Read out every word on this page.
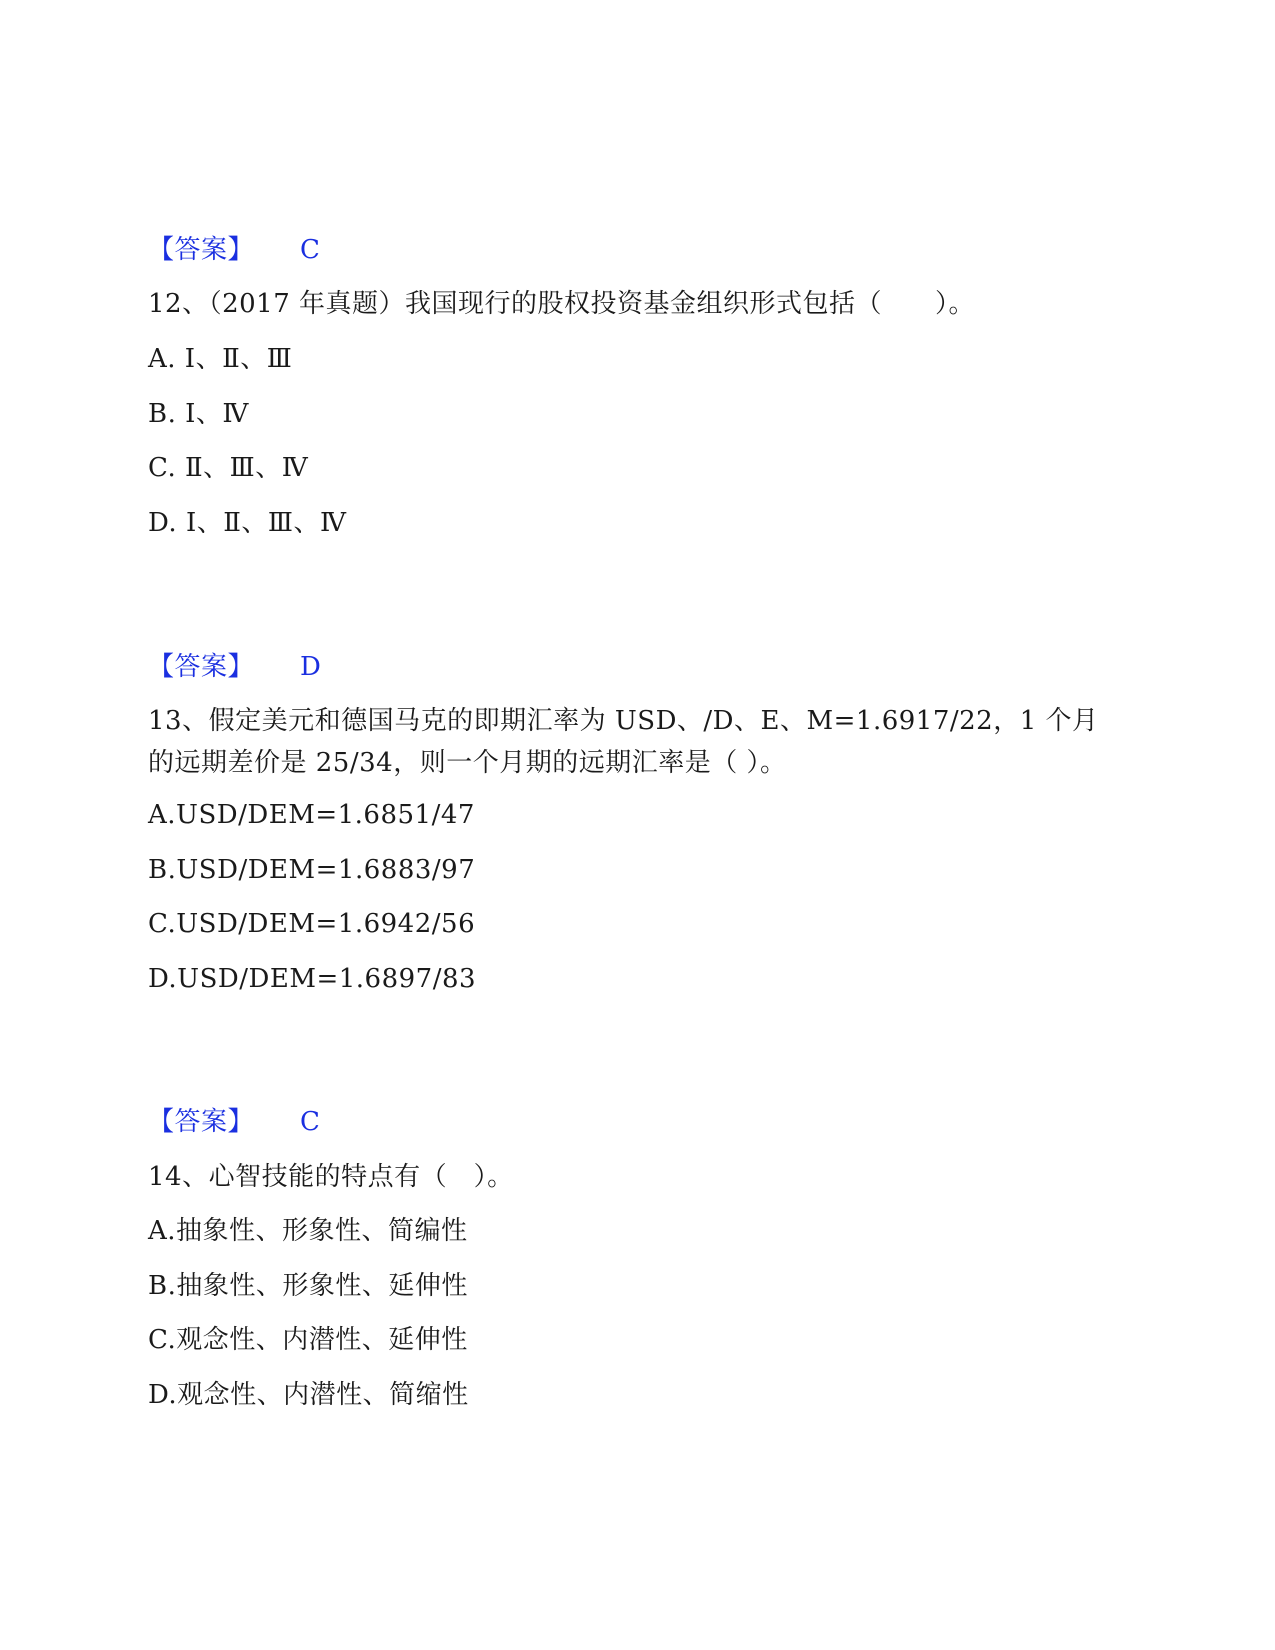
【答案】 C
12、（2017 年真题）我国现行的股权投资基金组织形式包括（　　）。
A. Ⅰ、Ⅱ、Ⅲ
B. Ⅰ、Ⅳ
C. Ⅱ、Ⅲ、Ⅳ
D. Ⅰ、Ⅱ、Ⅲ、Ⅳ
【答案】 D
13、假定美元和德国马克的即期汇率为 USD、/D、E、M=1.6917/22，1 个月的远期差价是 25/34，则一个月期的远期汇率是（ ）。
A.USD/DEM=1.6851/47
B.USD/DEM=1.6883/97
C.USD/DEM=1.6942/56
D.USD/DEM=1.6897/83
【答案】 C
14、心智技能的特点有（　）。
A.抽象性、形象性、简编性
B.抽象性、形象性、延伸性
C.观念性、内潜性、延伸性
D.观念性、内潜性、简缩性
